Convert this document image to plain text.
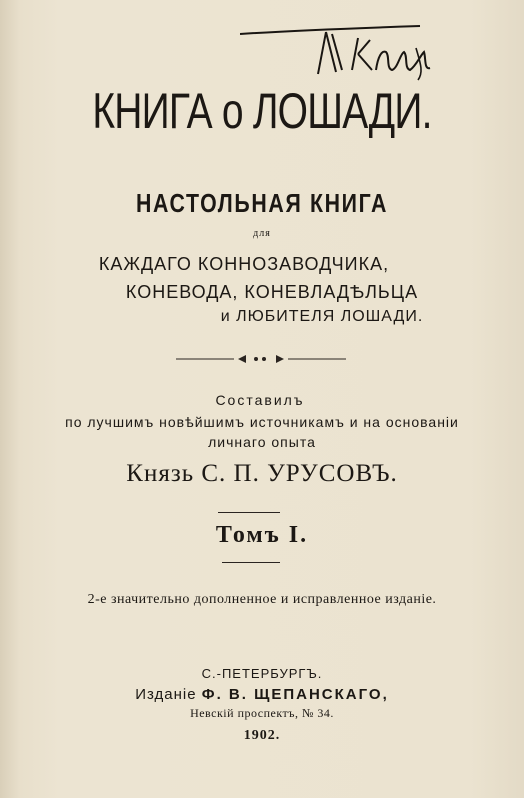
КНИГА о ЛОШАДИ.
НАСТОЛЬНАЯ КНИГА
для
КАЖДАГО КОННОЗАВОДЧИКА,
КОНЕВОДА, КОНЕВЛАДѢЛЬЦА
и ЛЮБИТЕЛЯ ЛОШАДИ.
Составилъ
по лучшимъ новѣйшимъ источникамъ и на основаніи
личнаго опыта
Князь С. П. УРУСОВЪ.
Томъ I.
2-е значительно дополненное и исправленное изданіе.
С.-ПЕТЕРБУРГЪ.
Изданіе Ф. В. ЩЕПАНСКАГО,
Невскій проспектъ, № 34.
1902.
